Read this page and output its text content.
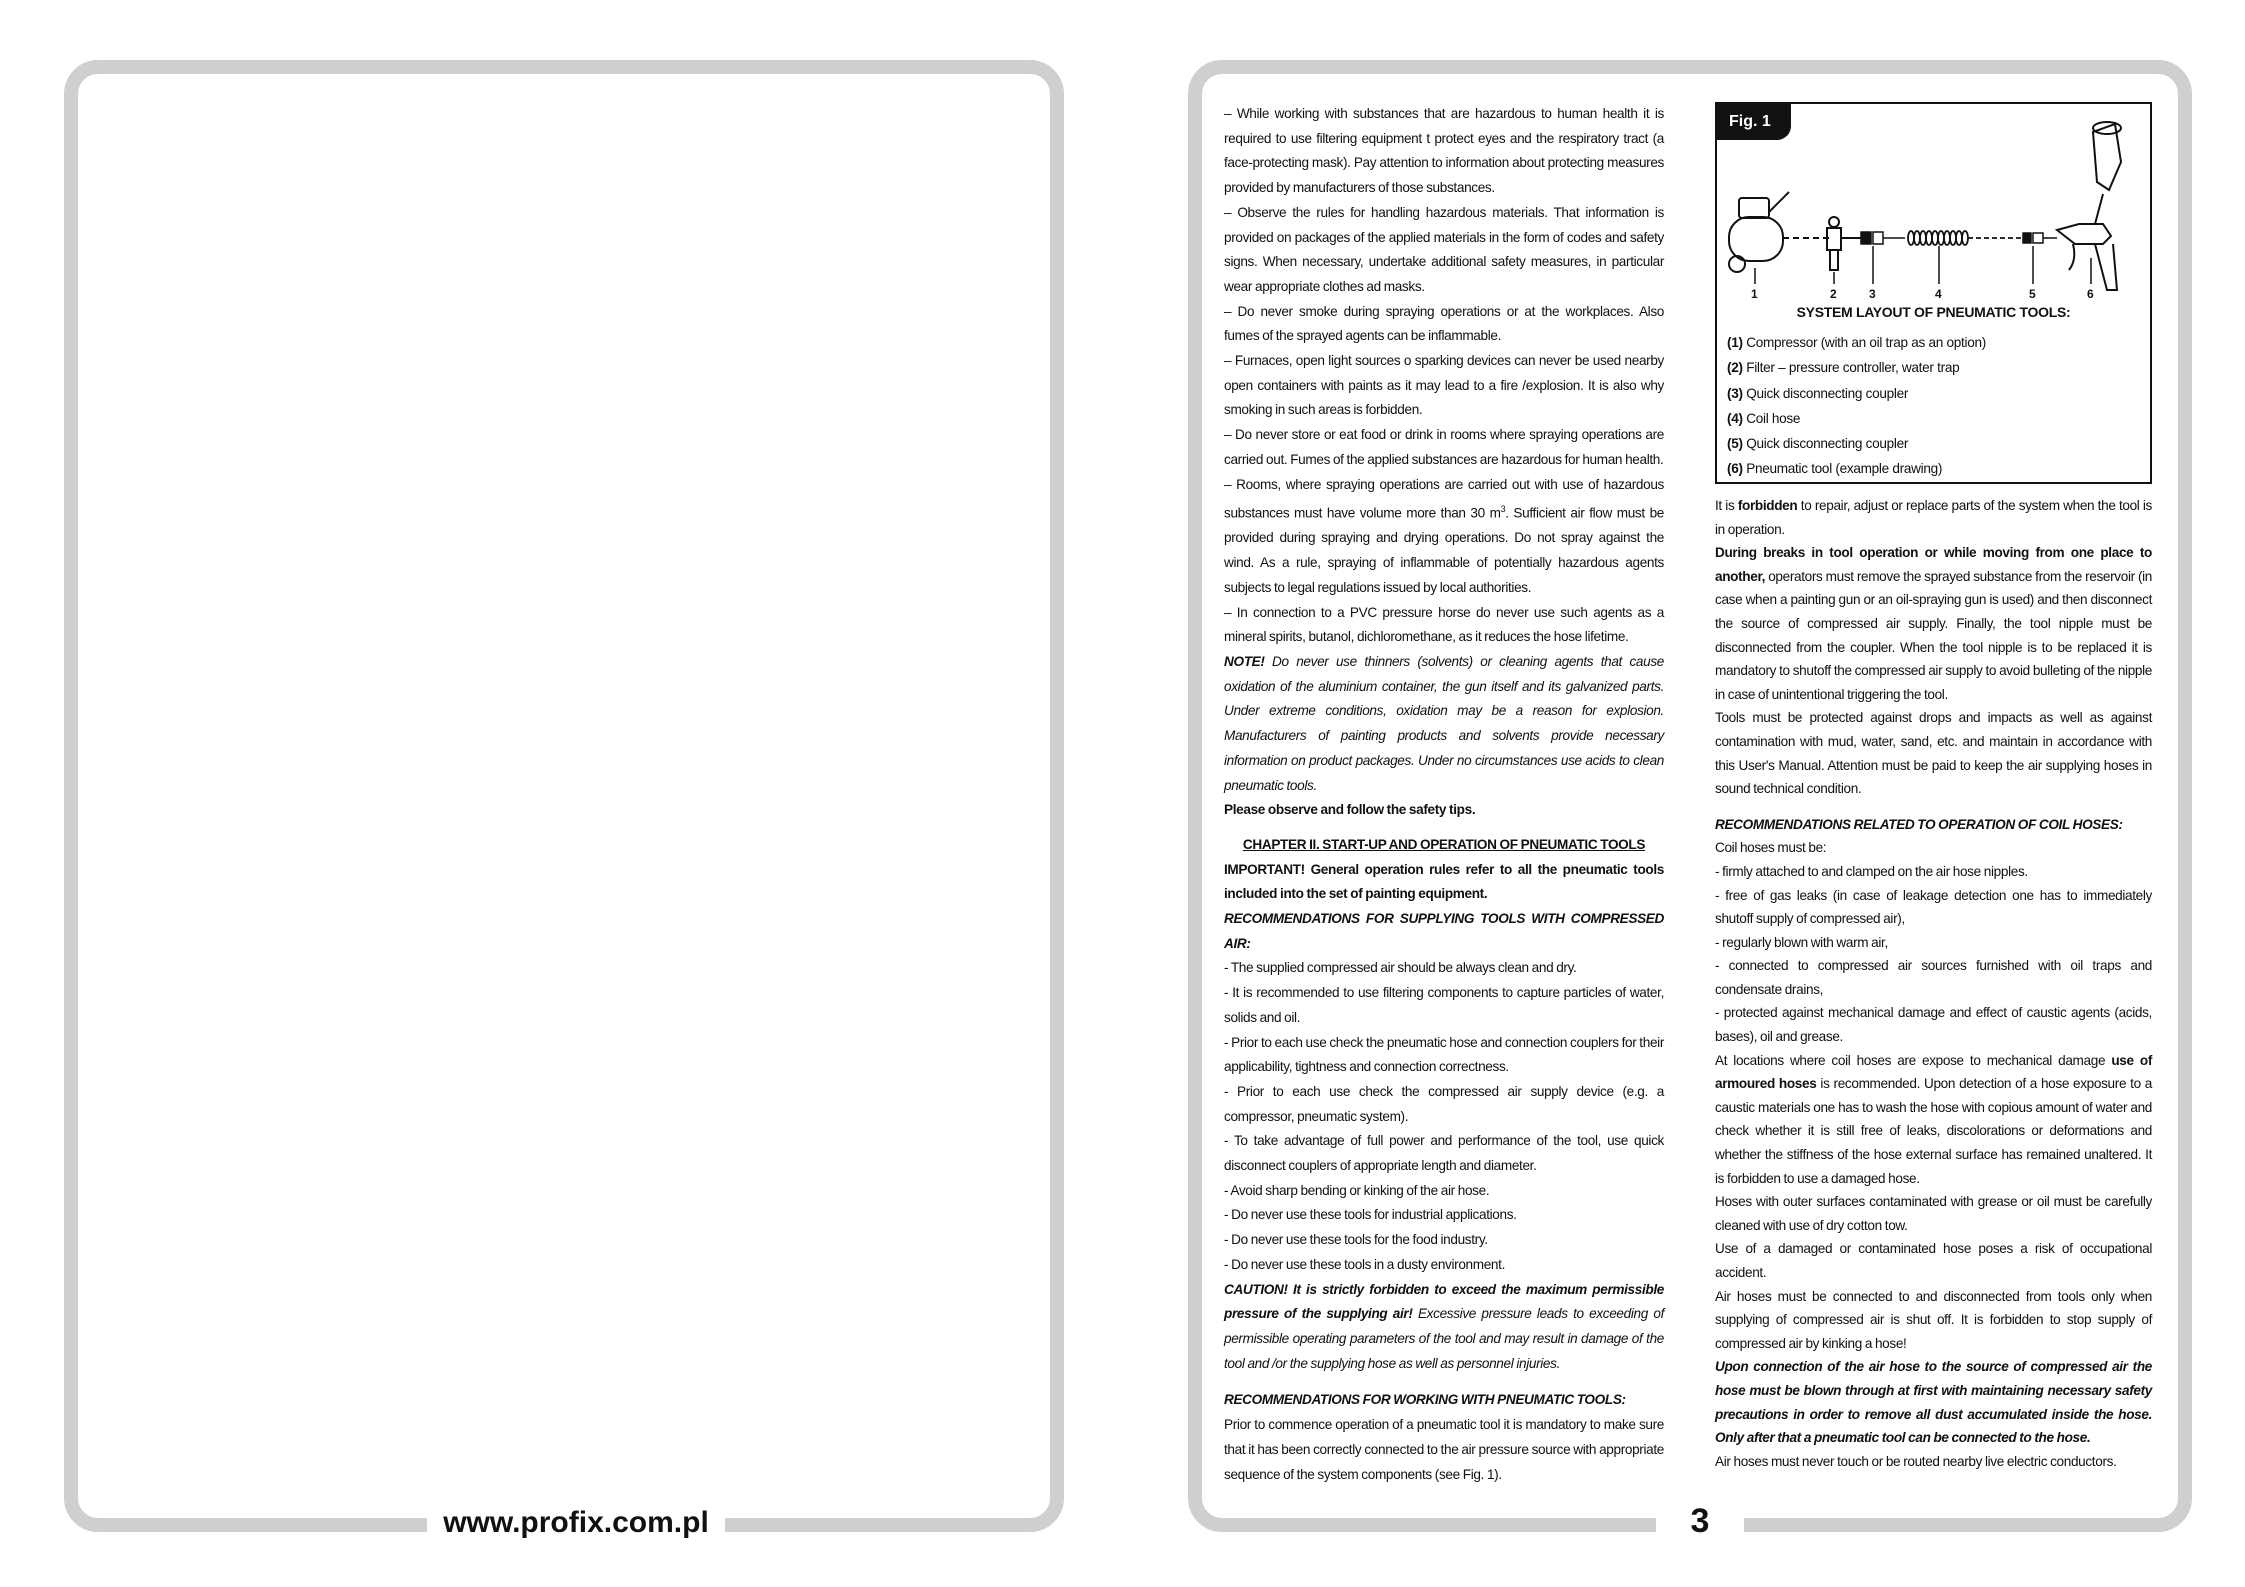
www.profix.com.pl	3

– While working with substances that are hazardous to human health it is required to use filtering equipment t protect eyes and the respiratory tract (a face-protecting mask). Pay attention to information about protecting measures provided by manufacturers of those substances.

– Observe the rules for handling hazardous materials. That information is provided on packages of the applied materials in the form of codes and safety signs. When necessary, undertake additional safety measures, in particular wear appropriate clothes ad masks.

– Do never smoke during spraying operations or at the workplaces. Also fumes of the sprayed agents can be inflammable.

– Furnaces, open light sources o sparking devices can never be used nearby open containers with paints as it may lead to a fire /explosion. It is also why smoking in such areas is forbidden.

– Do never store or eat food or drink in rooms where spraying operations are carried out. Fumes of the applied substances are hazardous for human health.

– Rooms, where spraying operations are carried out with use of hazardous substances must have volume more than 30 $m^3$. Sufficient air flow must be provided during spraying and drying operations. Do not spray against the wind. As a rule, spraying of inflammable of potentially hazardous agents subjects to legal regulations issued by local authorities.

– In connection to a PVC pressure horse do never use such agents as a mineral spirits, butanol, dichloromethane, as it reduces the hose lifetime.

NOTE! Do never use thinners (solvents) or cleaning agents that cause oxidation of the aluminium container, the gun itself and its galvanized parts. Under extreme conditions, oxidation may be a reason for explosion. Manufacturers of painting products and solvents provide necessary information on product packages. Under no circumstances use acids to clean pneumatic tools.

Please observe and follow the safety tips.

CHAPTER II. START-UP AND OPERATION OF PNEUMATIC TOOLS

IMPORTANT! General operation rules refer to all the pneumatic tools included into the set of painting equipment.

RECOMMENDATIONS FOR SUPPLYING TOOLS WITH COMPRESSED AIR:

- The supplied compressed air should be always clean and dry.

- It is recommended to use filtering components to capture particles of water, solids and oil.

- Prior to each use check the pneumatic hose and connection couplers for their applicability, tightness and connection correctness.

- Prior to each use check the compressed air supply device (e.g. a compressor, pneumatic system).

- To take advantage of full power and performance of the tool, use quick disconnect couplers of appropriate length and diameter.

- Avoid sharp bending or kinking of the air hose.

- Do never use these tools for industrial applications.

- Do never use these tools for the food industry.

- Do never use these tools in a dusty environment.

CAUTION! It is strictly forbidden to exceed the maximum permissible pressure of the supplying air! Excessive pressure leads to exceeding of permissible operating parameters of the tool and may result in damage of the tool and /or the supplying hose as well as personnel injuries.

RECOMMENDATIONS FOR WORKING WITH PNEUMATIC TOOLS:

Prior to commence operation of a pneumatic tool it is mandatory to make sure that it has been correctly connected to the air pressure source with appropriate sequence of the system components (see Fig. 1).

Fig. 1
1	2	3	4	5	6
SYSTEM LAYOUT OF PNEUMATIC TOOLS:
(1) Compressor (with an oil trap as an option)
(2) Filter – pressure controller, water trap
(3) Quick disconnecting coupler
(4) Coil hose
(5) Quick disconnecting coupler
(6) Pneumatic tool (example drawing)

It is forbidden to repair, adjust or replace parts of the system when the tool is in operation.

During breaks in tool operation or while moving from one place to another, operators must remove the sprayed substance from the reservoir (in case when a painting gun or an oil-spraying gun is used) and then disconnect the source of compressed air supply. Finally, the tool nipple must be disconnected from the coupler. When the tool nipple is to be replaced it is mandatory to shutoff the compressed air supply to avoid bulleting of the nipple in case of unintentional triggering the tool.

Tools must be protected against drops and impacts as well as against contamination with mud, water, sand, etc. and maintain in accordance with this User's Manual. Attention must be paid to keep the air supplying hoses in sound technical condition.

RECOMMENDATIONS RELATED TO OPERATION OF COIL HOSES:

Coil hoses must be:

- firmly attached to and clamped on the air hose nipples.

- free of gas leaks (in case of leakage detection one has to immediately shutoff supply of compressed air),

- regularly blown with warm air,

- connected to compressed air sources furnished with oil traps and condensate drains,

- protected against mechanical damage and effect of caustic agents (acids, bases), oil and grease.

At locations where coil hoses are expose to mechanical damage use of armoured hoses is recommended. Upon detection of a hose exposure to a caustic materials one has to wash the hose with copious amount of water and check whether it is still free of leaks, discolorations or deformations and whether the stiffness of the hose external surface has remained unaltered. It is forbidden to use a damaged hose.

Hoses with outer surfaces contaminated with grease or oil must be carefully cleaned with use of dry cotton tow.

Use of a damaged or contaminated hose poses a risk of occupational accident.

Air hoses must be connected to and disconnected from tools only when supplying of compressed air is shut off. It is forbidden to stop supply of compressed air by kinking a hose!

Upon connection of the air hose to the source of compressed air the hose must be blown through at first with maintaining necessary safety precautions in order to remove all dust accumulated inside the hose. Only after that a pneumatic tool can be connected to the hose.

Air hoses must never touch or be routed nearby live electric conductors.
